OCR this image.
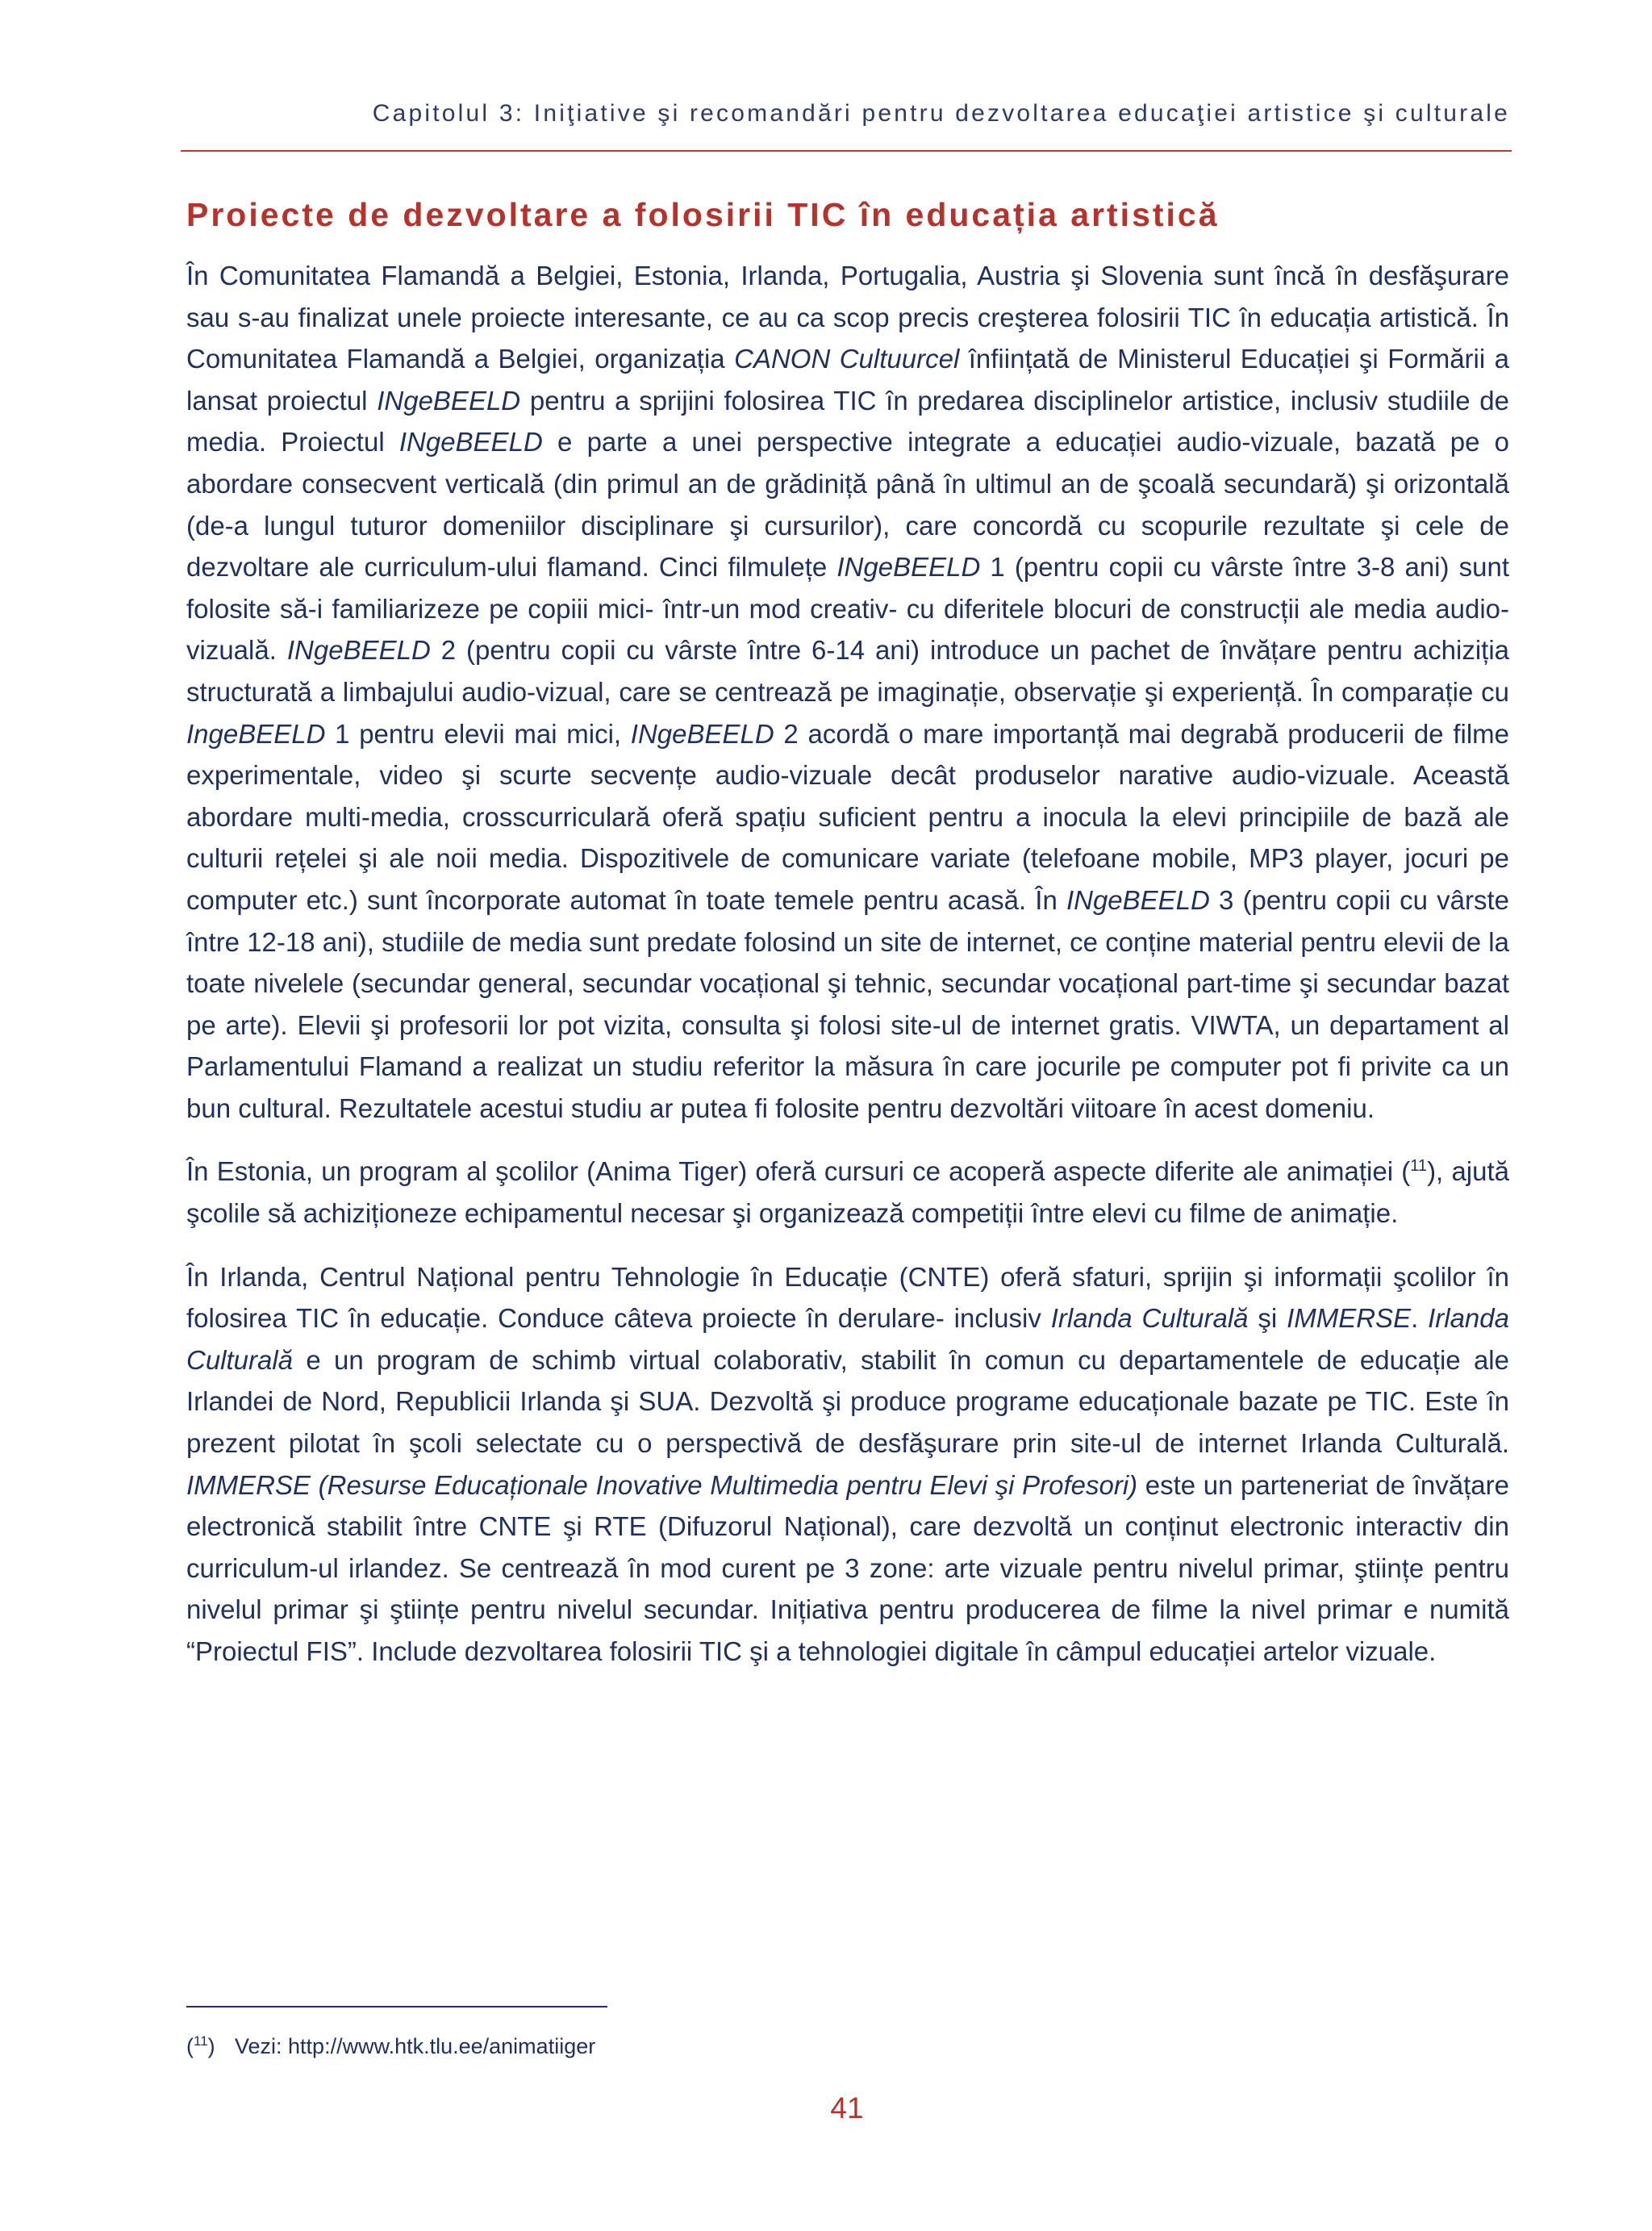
Capitolul 3: Iniţiative şi recomandări pentru dezvoltarea educaţiei artistice şi culturale
Proiecte de dezvoltare a folosirii TIC în educația artistică

În Comunitatea Flamandă a Belgiei, Estonia, Irlanda, Portugalia, Austria şi Slovenia sunt încă în desfăşurare sau s-au finalizat unele proiecte interesante, ce au ca scop precis creşterea folosirii TIC în educația artistică. În Comunitatea Flamandă a Belgiei, organizația CANON Cultuurcel înființată de Ministerul Educației şi Formării a lansat proiectul INgeBEELD pentru a sprijini folosirea TIC în predarea disciplinelor artistice, inclusiv studiile de media. Proiectul INgeBEELD e parte a unei perspective integrate a educației audio-vizuale, bazată pe o abordare consecvent verticală (din primul an de grădiniță până în ultimul an de şcoală secundară) şi orizontală (de-a lungul tuturor domeniilor disciplinare şi cursurilor), care concordă cu scopurile rezultate şi cele de dezvoltare ale curriculum-ului flamand. Cinci filmulețe INgeBEELD 1 (pentru copii cu vârste între 3-8 ani) sunt folosite să-i familiarizeze pe copiii mici- într-un mod creativ- cu diferitele blocuri de construcții ale media audio-vizuală. INgeBEELD 2 (pentru copii cu vârste între 6-14 ani) introduce un pachet de învățare pentru achiziția structurată a limbajului audio-vizual, care se centrează pe imaginație, observație şi experiență. În comparație cu IngeBEELD 1 pentru elevii mai mici, INgeBEELD 2 acordă o mare importanță mai degrabă producerii de filme experimentale, video şi scurte secvențe audio-vizuale decât produselor narative audio-vizuale. Această abordare multi-media, crosscurriculară oferă spațiu suficient pentru a inocula la elevi principiile de bază ale culturii rețelei şi ale noii media. Dispozitivele de comunicare variate (telefoane mobile, MP3 player, jocuri pe computer etc.) sunt încorporate automat în toate temele pentru acasă. În INgeBEELD 3 (pentru copii cu vârste între 12-18 ani), studiile de media sunt predate folosind un site de internet, ce conține material pentru elevii de la toate nivelele (secundar general, secundar vocațional şi tehnic, secundar vocațional part-time şi secundar bazat pe arte). Elevii şi profesorii lor pot vizita, consulta şi folosi site-ul de internet gratis. VIWTA, un departament al Parlamentului Flamand a realizat un studiu referitor la măsura în care jocurile pe computer pot fi privite ca un bun cultural. Rezultatele acestui studiu ar putea fi folosite pentru dezvoltări viitoare în acest domeniu.

În Estonia, un program al şcolilor (Anima Tiger) oferă cursuri ce acoperă aspecte diferite ale animației ($^{11}$), ajută şcolile să achiziționeze echipamentul necesar şi organizează competiții între elevi cu filme de animație.

În Irlanda, Centrul Național pentru Tehnologie în Educație (CNTE) oferă sfaturi, sprijin şi informații şcolilor în folosirea TIC în educație. Conduce câteva proiecte în derulare- inclusiv Irlanda Culturală şi IMMERSE. Irlanda Culturală e un program de schimb virtual colaborativ, stabilit în comun cu departamentele de educație ale Irlandei de Nord, Republicii Irlanda şi SUA. Dezvoltă şi produce programe educaționale bazate pe TIC. Este în prezent pilotat în şcoli selectate cu o perspectivă de desfăşurare prin site-ul de internet Irlanda Culturală. IMMERSE (Resurse Educaționale Inovative Multimedia pentru Elevi şi Profesori) este un parteneriat de învățare electronică stabilit între CNTE şi RTE (Difuzorul Național), care dezvoltă un conținut electronic interactiv din curriculum-ul irlandez. Se centrează în mod curent pe 3 zone: arte vizuale pentru nivelul primar, ştiințe pentru nivelul primar şi ştiințe pentru nivelul secundar. Inițiativa pentru producerea de filme la nivel primar e numită “Proiectul FIS”. Include dezvoltarea folosirii TIC şi a tehnologiei digitale în câmpul educației artelor vizuale.

($^{11}$) Vezi: http://www.htk.tlu.ee/animatiiger
41
